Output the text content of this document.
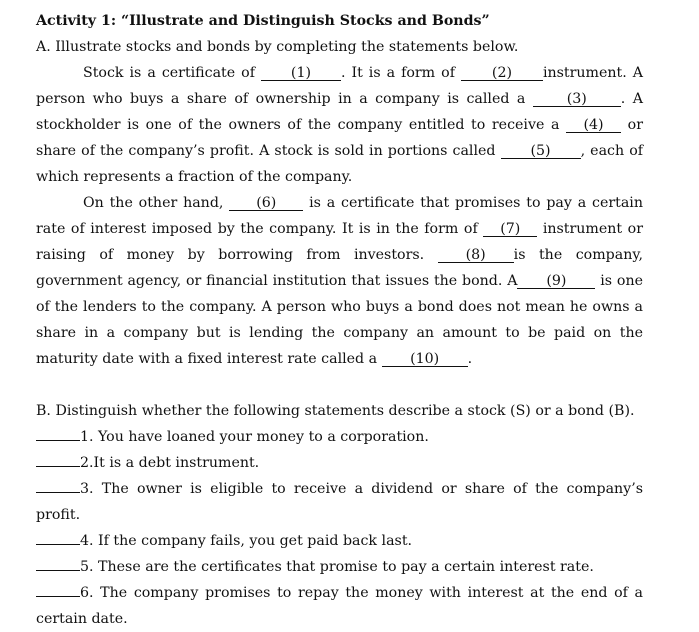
Activity 1: “Illustrate and Distinguish Stocks and Bonds”

A. Illustrate stocks and bonds by completing the statements below.

Stock is a certificate of (1) . It is a form of (2) instrument. A person who buys a share of ownership in a company is called a (3) . A stockholder is one of the owners of the company entitled to receive a (4) or share of the company’s profit. A stock is sold in portions called (5) , each of which represents a fraction of the company.

On the other hand, (6) is a certificate that promises to pay a certain rate of interest imposed by the company. It is in the form of (7) instrument or raising of money by borrowing from investors. (8) is the company, government agency, or financial institution that issues the bond. A (9) is one of the lenders to the company. A person who buys a bond does not mean he owns a share in a company but is lending the company an amount to be paid on the maturity date with a fixed interest rate called a (10) .

B. Distinguish whether the following statements describe a stock (S) or a bond (B).

1. You have loaned your money to a corporation.

2.It is a debt instrument.

3. The owner is eligible to receive a dividend or share of the company’s profit.

4. If the company fails, you get paid back last.

5. These are the certificates that promise to pay a certain interest rate.

6. The company promises to repay the money with interest at the end of a certain date.
